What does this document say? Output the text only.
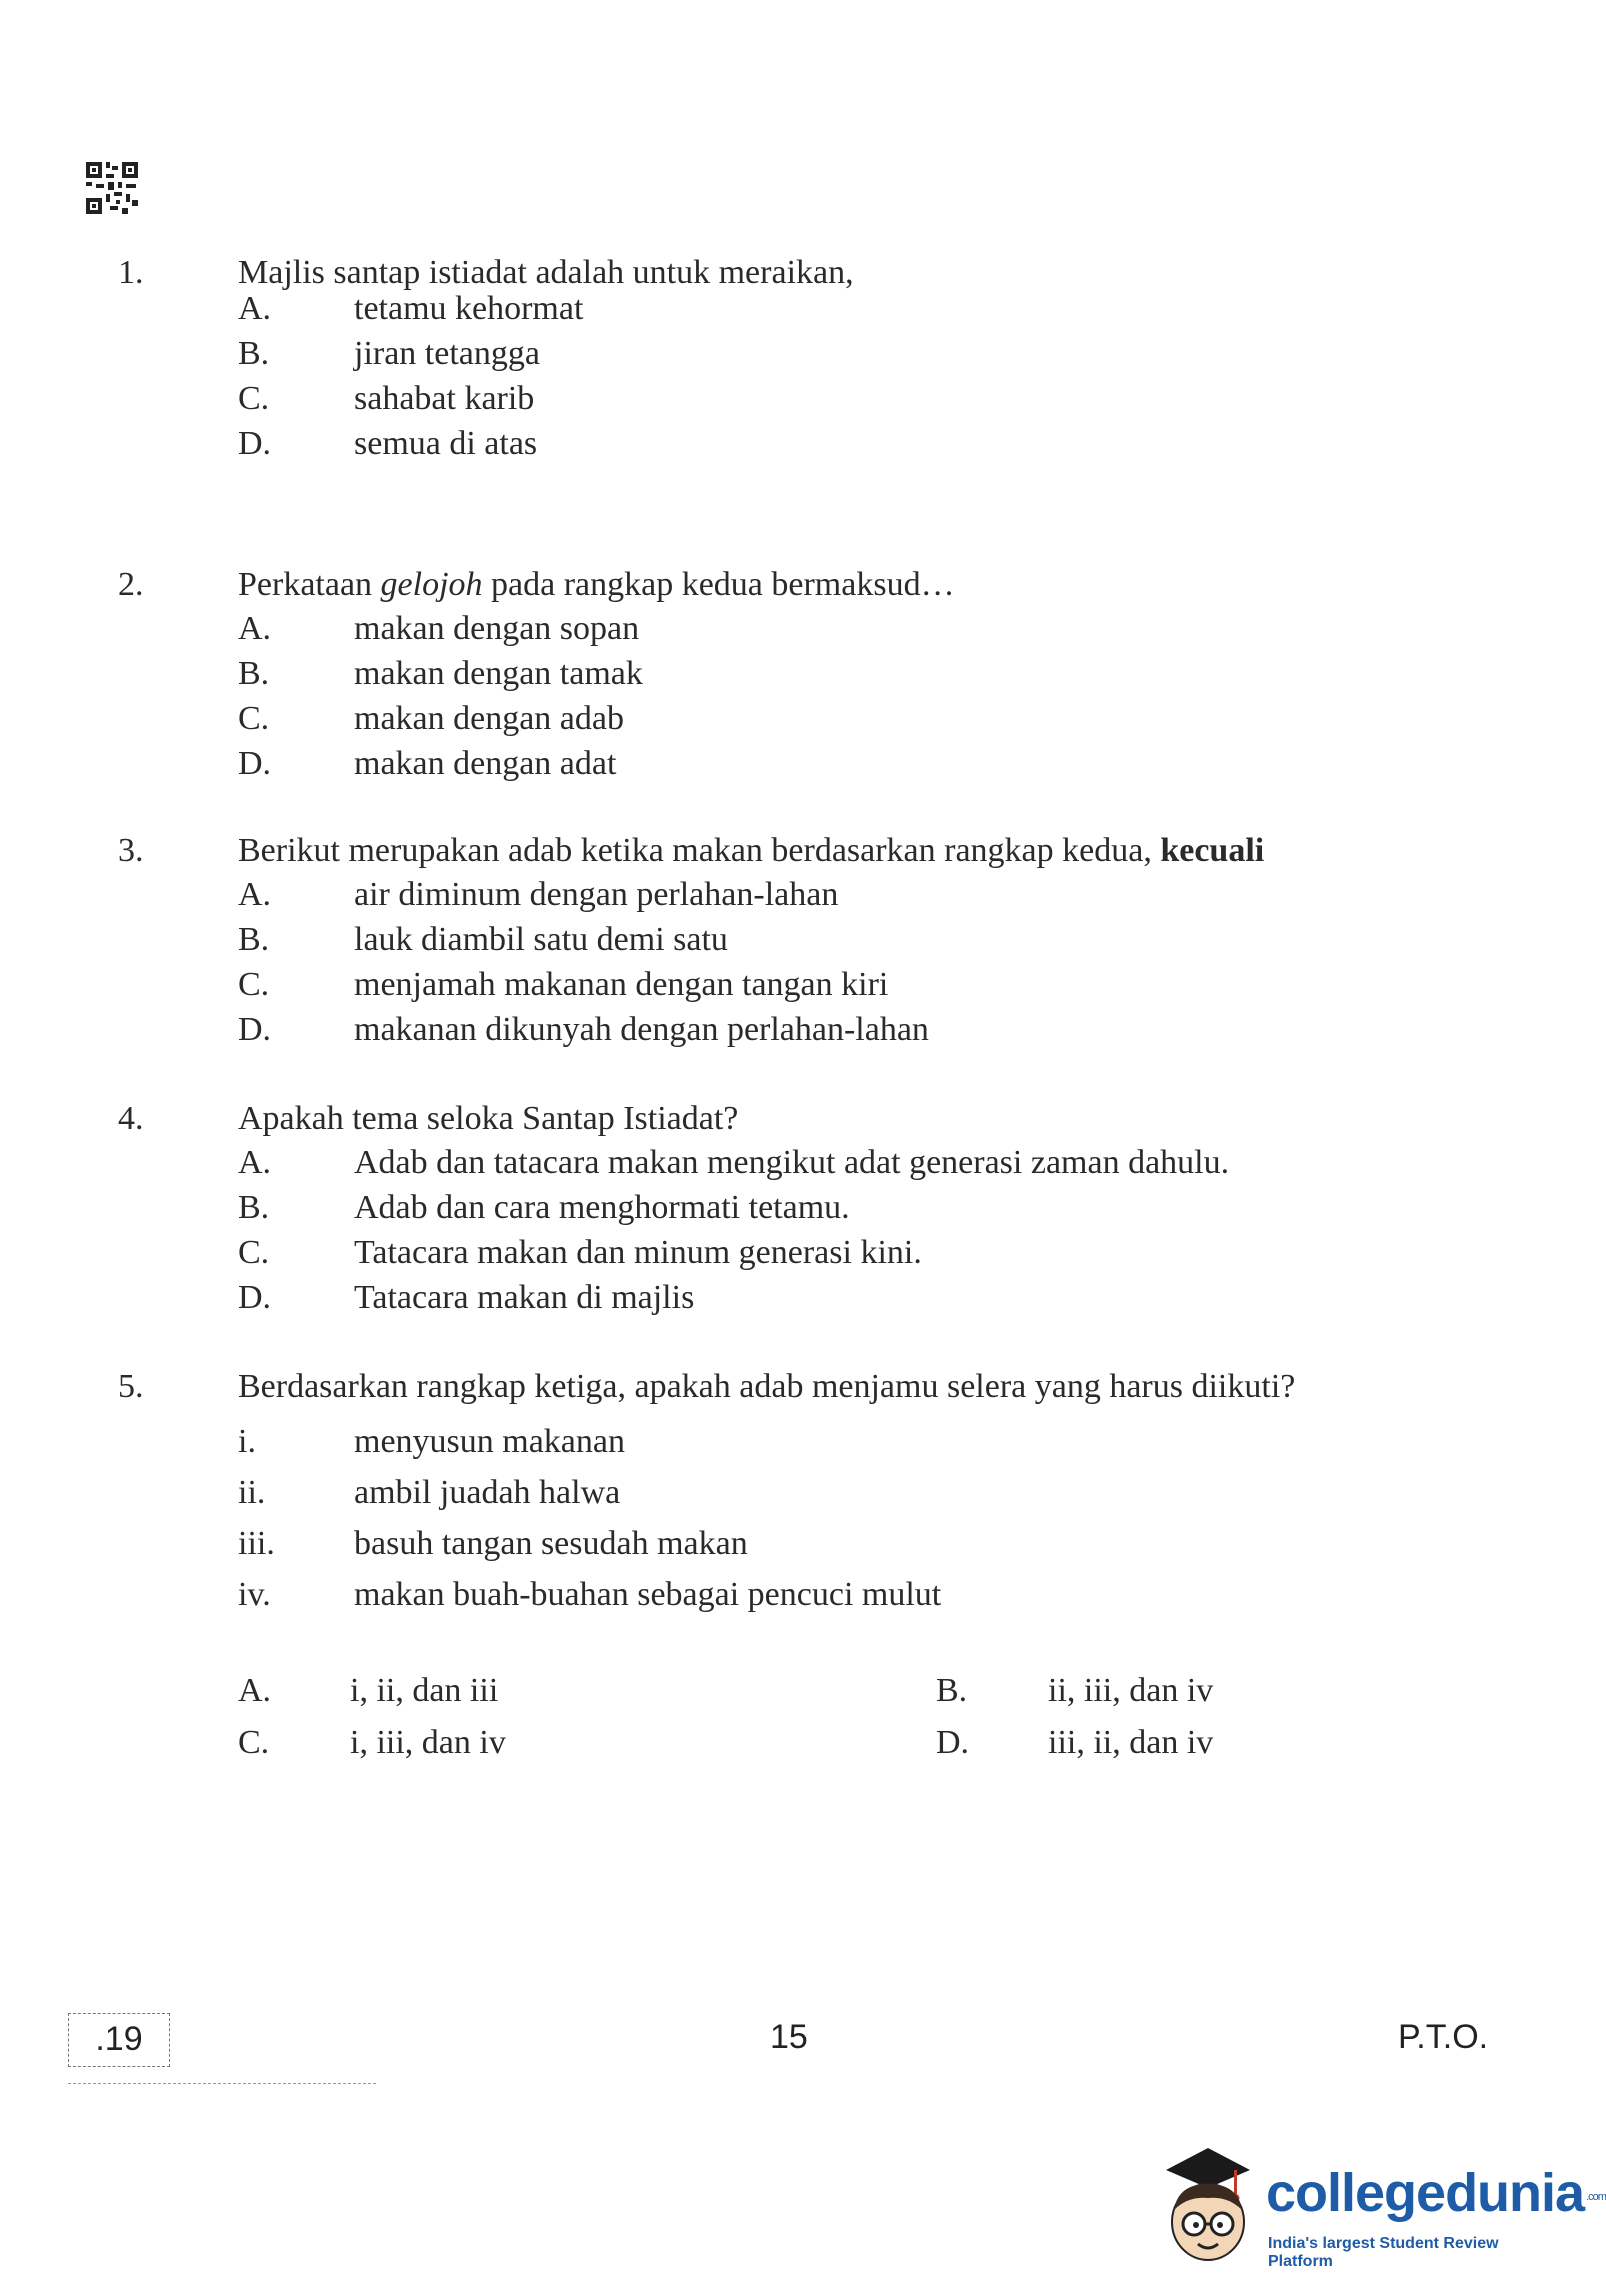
1.	Majlis santap istiadat adalah untuk meraikan,
A. tetamu kehormat

B. jiran tetangga

C. sahabat karib

D. semua di atas

2.	Perkataan gelojoh pada rangkap kedua bermaksud…
A. makan dengan sopan

B. makan dengan tamak

C. makan dengan adab

D. makan dengan adat

3.	Berikut merupakan adab ketika makan berdasarkan rangkap kedua, kecuali
A. air diminum dengan perlahan-lahan

B. lauk diambil satu demi satu

C. menjamah makanan dengan tangan kiri

D. makanan dikunyah dengan perlahan-lahan

4.	Apakah tema seloka Santap Istiadat?
A. Adab dan tatacara makan mengikut adat generasi zaman dahulu.

B. Adab dan cara menghormati tetamu.

C. Tatacara makan dan minum generasi kini.

D. Tatacara makan di majlis

5.	Berdasarkan rangkap ketiga, apakah adab menjamu selera yang harus diikuti?
i.	menyusun makanan

ii.	ambil juadah halwa

iii. basuh tangan sesudah makan

iv. makan buah-buahan sebagai pencuci mulut

A. i, ii, dan iii	B. ii, iii, dan iv
C. i, iii, dan iv	D. iii, ii, dan iv
.19	15	P.T.O.
collegedunia .com
India's largest Student Review Platform
